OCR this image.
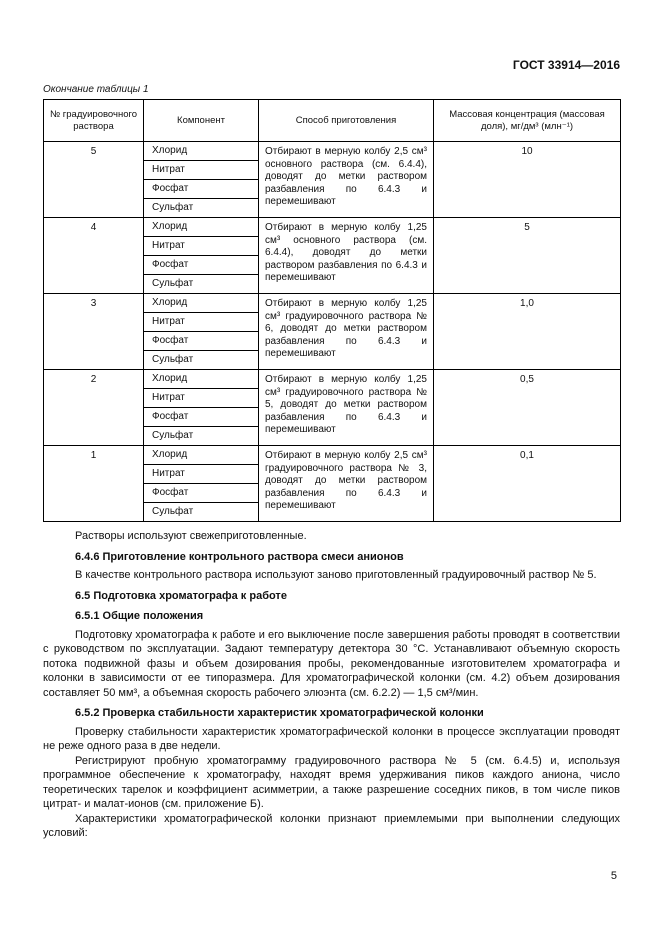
ГОСТ 33914—2016
Окончание таблицы 1
№ градуировочного раствора	Компонент	Способ приготовления	Массовая концентрация (массовая доля), мг/дм³ (млн⁻¹)
5	Хлорид	Отбирают в мерную колбу 2,5 см³ основного раствора (см. 6.4.4), доводят до метки раствором разбавления по 6.4.3 и перемешивают	10
	Нитрат		
	Фосфат		
	Сульфат		
4	Хлорид	Отбирают в мерную колбу 1,25 см³ основного раствора (см. 6.4.4), доводят до метки раствором разбавления по 6.4.3 и перемешивают	5
	Нитрат		
	Фосфат		
	Сульфат		
3	Хлорид	Отбирают в мерную колбу 1,25 см³ градуировочного раствора № 6, доводят до метки раствором разбавления по 6.4.3 и перемешивают	1,0
	Нитрат		
	Фосфат		
	Сульфат		
2	Хлорид	Отбирают в мерную колбу 1,25 см³ градуировочного раствора № 5, доводят до метки раствором разбавления по 6.4.3 и перемешивают	0,5
	Нитрат		
	Фосфат		
	Сульфат		
1	Хлорид	Отбирают в мерную колбу 2,5 см³ градуировочного раствора № 3, доводят до метки раствором разбавления по 6.4.3 и перемешивают	0,1
	Нитрат		
	Фосфат		
	Сульфат		

Растворы используют свежеприготовленные.

6.4.6 Приготовление контрольного раствора смеси анионов

В качестве контрольного раствора используют заново приготовленный градуировочный раствор № 5.

6.5 Подготовка хроматографа к работе

6.5.1 Общие положения

Подготовку хроматографа к работе и его выключение после завершения работы проводят в соответствии с руководством по эксплуатации. Задают температуру детектора 30 °С. Устанавливают объемную скорость потока подвижной фазы и объем дозирования пробы, рекомендованные изготовителем хроматографа и колонки в зависимости от ее типоразмера. Для хроматографической колонки (см. 4.2) объем дозирования составляет 50 мм³, а объемная скорость рабочего элюэнта (см. 6.2.2) — 1,5 см³/мин.

6.5.2 Проверка стабильности характеристик хроматографической колонки

Проверку стабильности характеристик хроматографической колонки в процессе эксплуатации проводят не реже одного раза в две недели.

Регистрируют пробную хроматограмму градуировочного раствора № 5 (см. 6.4.5) и, используя программное обеспечение к хроматографу, находят время удерживания пиков каждого аниона, число теоретических тарелок и коэффициент асимметрии, а также разрешение соседних пиков, в том числе пиков цитрат- и малат-ионов (см. приложение Б).

Характеристики хроматографической колонки признают приемлемыми при выполнении следующих условий:

5
